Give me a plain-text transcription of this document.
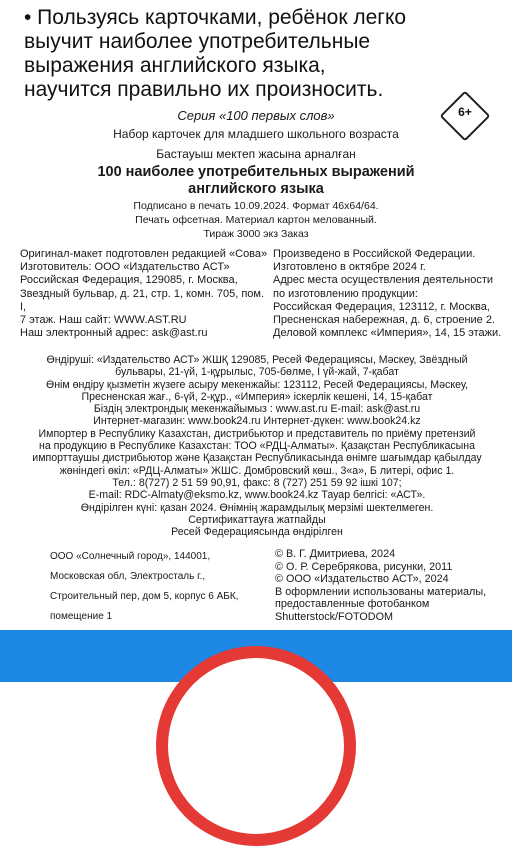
• Пользуясь карточками, ребёнок легко
выучит наиболее употребительные
выражения английского языка,
научится правильно их произносить.
6+
Серия «100 первых слов»
Набор карточек для младшего школьного возраста
Бастауыш мектеп жасына арналған
100 наиболее употребительных выражений
английского языка
Подписано в печать 10.09.2024. Формат 46х64/64.
Печать офсетная. Материал картон мелованный.
Тираж 3000 экз Заказ
Оригинал-макет подготовлен редакцией «Сова»
Изготовитель: ООО «Издательство АСТ»
Российская Федерация, 129085, г. Москва,
Звездный бульвар, д. 21, стр. 1, комн. 705, пом. I,
7 этаж. Наш сайт: WWW.AST.RU
Наш электронный адрес: ask@ast.ru
Произведено в Российской Федерации.
Изготовлено в октябре 2024 г.
Адрес места осуществления деятельности
по изготовлению продукции:
Российская Федерация, 123112, г. Москва,
Пресненская набережная, д. 6, строение 2.
Деловой комплекс «Империя», 14, 15 этажи.
Өндіруші: «Издательство АСТ» ЖШҚ 129085, Ресей Федерациясы, Мәскеу, Звёздный
бульвары, 21-үй, 1-құрылыс, 705-бөлме, I үй-жай, 7-қабат
Өнім өндіру қызметін жүзеге асыру мекенжайы: 123112, Ресей Федерациясы, Мәскеу,
Пресненская жағ., 6-үй, 2-құр., «Империя» іскерлік кешені, 14, 15-қабат
Біздің электрондық мекенжайымыз : www.ast.ru E-mail: ask@ast.ru
Интернет-магазин: www.book24.ru Интернет-дүкен: www.book24.kz
Импортер в Республику Казахстан, дистрибьютор и представитель по приёму претензий
на продукцию в Республике Казахстан: ТОО «РДЦ-Алматы». Қазақстан Республикасына
импорттаушы дистрибьютор және Қазақстан Республикасында өнімге шағымдар қабылдау
жөніндегі өкіл: «РДЦ-Алматы» ЖШС. Домбровский көш., 3«а», Б литері, офис 1.
Тел.: 8(727) 2 51 59 90,91, факс: 8 (727) 251 59 92 ішкі 107;
E-mail: RDC-Almaty@eksmo.kz, www.book24.kz Тауар белгісі: «АСТ».
Өндірілген күні: қазан 2024. Өнімнің жарамдылық мерзімі шектелмеген.
Сертификаттауға жатпайды
Ресей Федерациясында өндірілген
ООО «Солнечный город», 144001,
Московская обл, Электросталь г.,
Строительный пер, дом 5, корпус 6 АБК,
помещение 1
© В. Г. Дмитриева, 2024
© О. Р. Серебрякова, рисунки, 2011
© ООО «Издательство АСТ», 2024
В оформлении использованы материалы,
предоставленные фотобанком
Shutterstock/FOTODOM
